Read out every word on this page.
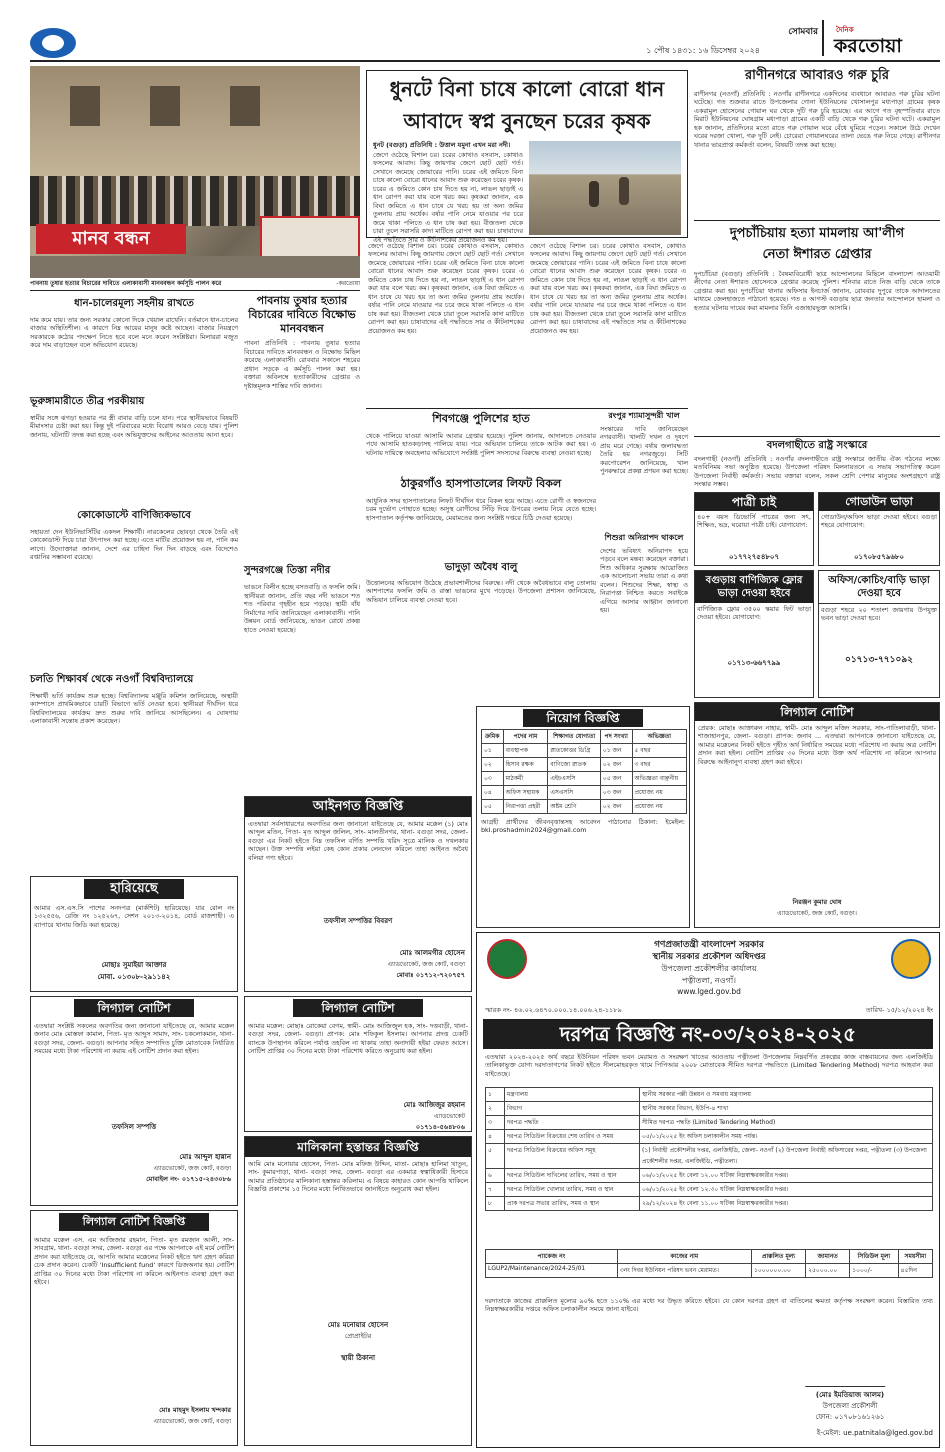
১ পৌষ ১৪৩১: ১৬ ডিসেম্বর ২০২৪
সোমবার	দৈনিক
করতোয়া
মানব বন্ধন
পাবনায় তুষার হত্যার বিচারের দাবিতে এলাকাবাসী মানববন্ধন কর্মসূচি পালন করে	-করতোয়া
ধান-চালেরমূল্য সহনীয় রাখতে
দাম কমে যায়। তার জন্য সরকার কোনো দিকে খেয়াল রাখেনি। বর্তমানে ধান-চালের বাজার অস্থিতিশীল। এ কারণে নিম্ন আয়ের মানুষ কষ্টে আছেন। বাজার নিয়ন্ত্রণে সরকারকে কঠোর পদক্ষেপ নিতে হবে বলে মনে করেন সংশ্লিষ্টরা। মিলাররা মজুত করে দাম বাড়াচ্ছেন বলে অভিযোগ রয়েছে।
ভূরুঙ্গামারীতে তীব্র পরকীয়ায়
স্বামীর সঙ্গে ঝগড়া হওয়ার পর স্ত্রী বাবার বাড়ি চলে যান। পরে স্থানীয়ভাবে বিষয়টি মীমাংসার চেষ্টা করা হয়। কিন্তু দুই পরিবারের মধ্যে বিরোধ আরও বেড়ে যায়। পুলিশ জানায়, ঘটনাটি তদন্ত করা হচ্ছে এবং অভিযুক্তদের আইনের আওতায় আনা হবে।
কোকোডাস্টে বাণিজ্যিকভাবে
সহায়তা দেন ইউনিভার্সিটির একদল শিক্ষার্থী। নারকেলের ছোবড়া থেকে তৈরি এই কোকোডাস্ট দিয়ে চারা উৎপাদন করা হচ্ছে। এতে মাটির প্রয়োজন হয় না, পানি কম লাগে। উদ্যোক্তারা জানান, দেশে এর চাহিদা দিন দিন বাড়ছে এবং বিদেশেও রপ্তানির সম্ভাবনা রয়েছে।
চলতি শিক্ষাবর্ষ থেকে নওগাঁ বিশ্ববিদ্যালয়ে
শিক্ষার্থী ভর্তি কার্যক্রম শুরু হচ্ছে। বিশ্ববিদ্যালয় মঞ্জুরি কমিশন জানিয়েছে, অস্থায়ী ক্যাম্পাসে প্রাথমিকভাবে চারটি বিভাগে ভর্তি নেওয়া হবে। স্থানীয়রা দীর্ঘদিন ধরে বিশ্ববিদ্যালয়ের কার্যক্রম দ্রুত শুরুর দাবি জানিয়ে আসছিলেন। এ ঘোষণায় এলাকাবাসী সন্তোষ প্রকাশ করেছেন।
পাবনায় তুষার হত্যার বিচারের দাবিতে বিক্ষোভ মানববন্ধন
পাবনা প্রতিনিধি : পাবনায় তুষার হত্যার বিচারের দাবিতে মানববন্ধন ও বিক্ষোভ মিছিল করেছে এলাকাবাসী। রোববার সকালে শহরের প্রধান সড়কে এ কর্মসূচি পালন করা হয়। বক্তারা অবিলম্বে হত্যাকারীদের গ্রেপ্তার ও দৃষ্টান্তমূলক শাস্তির দাবি জানান।
সুন্দরগঞ্জে তিস্তা নদীর
ভাঙনে বিলীন হচ্ছে বসতবাড়ি ও ফসলি জমি। স্থানীয়রা জানান, প্রতি বছর নদী ভাঙনে শত শত পরিবার গৃহহীন হয়ে পড়ছে। স্থায়ী বাঁধ নির্মাণের দাবি জানিয়েছেন এলাকাবাসী। পানি উন্নয়ন বোর্ড জানিয়েছে, ভাঙন রোধে প্রকল্প হাতে নেওয়া হয়েছে।
ধুনটে বিনা চাষে কালো বোরো ধান
আবাদে স্বপ্ন বুনছেন চরের কৃষক
ধুনট (বগুড়া) প্রতিনিধি : উত্তাল যমুনা এখন মরা নদী।
জেগে ওঠেছে বিশাল চর। চরের কোথাও বসবাস, কোথাও ফসলের আবাদ। কিছু জায়গায় জেগে ছোট ছোট গর্ত। সেখানে জমেছে জোয়ারের পানি। চরের এই জমিতে বিনা চাষে কালো বোরো ধানের আবাদ শুরু করেছেন চরের কৃষক। চরের এ জমিতে কোন চাষ দিতে হয় না, লাঙল ছাড়াই এ ধান রোপণ করা যায় বলে খরচ কম। কৃষকরা জানান, এক বিঘা জমিতে এ ধান চাষে যে খরচ হয় তা অন্য জমির তুলনায় প্রায় অর্ধেক। বর্ষার পানি নেমে যাওয়ার পর চরে জমে থাকা পলিতে এ ধান চাষ করা হয়। বীজতলা থেকে চারা তুলে সরাসরি কাদা মাটিতে রোপণ করা হয়। চাষাবাদের এই পদ্ধতিতে সার ও কীটনাশকের প্রয়োজনও কম হয়।
জেগে ওঠেছে বিশাল চর। চরের কোথাও বসবাস, কোথাও ফসলের আবাদ। কিছু জায়গায় জেগে ছোট ছোট গর্ত। সেখানে জমেছে জোয়ারের পানি। চরের এই জমিতে বিনা চাষে কালো বোরো ধানের আবাদ শুরু করেছেন চরের কৃষক। চরের এ জমিতে কোন চাষ দিতে হয় না, লাঙল ছাড়াই এ ধান রোপণ করা যায় বলে খরচ কম। কৃষকরা জানান, এক বিঘা জমিতে এ ধান চাষে যে খরচ হয় তা অন্য জমির তুলনায় প্রায় অর্ধেক। বর্ষার পানি নেমে যাওয়ার পর চরে জমে থাকা পলিতে এ ধান চাষ করা হয়। বীজতলা থেকে চারা তুলে সরাসরি কাদা মাটিতে রোপণ করা হয়। চাষাবাদের এই পদ্ধতিতে সার ও কীটনাশকের প্রয়োজনও কম হয়।
জেগে ওঠেছে বিশাল চর। চরের কোথাও বসবাস, কোথাও ফসলের আবাদ। কিছু জায়গায় জেগে ছোট ছোট গর্ত। সেখানে জমেছে জোয়ারের পানি। চরের এই জমিতে বিনা চাষে কালো বোরো ধানের আবাদ শুরু করেছেন চরের কৃষক। চরের এ জমিতে কোন চাষ দিতে হয় না, লাঙল ছাড়াই এ ধান রোপণ করা যায় বলে খরচ কম। কৃষকরা জানান, এক বিঘা জমিতে এ ধান চাষে যে খরচ হয় তা অন্য জমির তুলনায় প্রায় অর্ধেক। বর্ষার পানি নেমে যাওয়ার পর চরে জমে থাকা পলিতে এ ধান চাষ করা হয়। বীজতলা থেকে চারা তুলে সরাসরি কাদা মাটিতে রোপণ করা হয়। চাষাবাদের এই পদ্ধতিতে সার ও কীটনাশকের প্রয়োজনও কম হয়।
রাণীনগরে আবারও গরু চুরি
রাণীনগর (নওগাঁ) প্রতিনিধি : নওগাঁর রাণীনগরে একদিনের ব্যবধানে আবারও গরু চুরির ঘটনা ঘটেছে। গত শুক্রবার রাতে উপজেলার গোনা ইউনিয়নের খোসালপুর মধ্যপাড়া গ্রামের কৃষক একরামুল হোসেনের গোয়াল ঘর থেকে দুটি গরু চুরি হয়েছে। এর আগে গত বৃহস্পতিবার রাতে মিরাট ইউনিয়নের ঘোষগ্রাম মধ্যপাড়া গ্রামের একটি বাড়ি থেকে গরু চুরির ঘটনা ঘটে। একরামুল হক জানান, প্রতিদিনের মতো রাতে গরু গোয়াল ঘরে বেঁধে ঘুমিয়ে পড়েন। সকালে উঠে দেখেন ঘরের দরজা খোলা, গরু দুটি নেই। চোরেরা গোয়ালঘরের তালা ভেঙে গরু নিয়ে গেছে। রাণীনগর থানার ভারপ্রাপ্ত কর্মকর্তা বলেন, বিষয়টি তদন্ত করা হচ্ছে।
দুপচাঁচিয়ায় হত্যা মামলায় আ'লীগ
নেতা ঈশারত গ্রেপ্তার
দুপচাঁচিয়া (বগুড়া) প্রতিনিধি : বৈষম্যবিরোধী ছাত্র আন্দোলনের মিছিলে বাংলাদেশ আওয়ামী লীগের নেতা ঈশারত হোসেনকে গ্রেপ্তার করেছে পুলিশ। শনিবার রাতে নিজ বাড়ি থেকে তাকে গ্রেপ্তার করা হয়। দুপচাঁচিয়া থানার অফিসার ইনচার্জ জানান, রোববার দুপুরে তাকে আদালতের মাধ্যমে জেলহাজতে পাঠানো হয়েছে। গত ৪ আগস্ট বগুড়ায় ছাত্র জনতার আন্দোলনে হামলা ও হত্যার ঘটনায় দায়ের করা মামলার তিনি এজাহারভুক্ত আসামি।
বদলগাছীতে রাষ্ট্র সংস্কারে
বদলগাছী (নওগাঁ) প্রতিনিধি : নওগাঁর বদলগাছীতে রাষ্ট্র সংস্কারে জাতীয় ঐক্য গঠনের লক্ষ্যে মতবিনিময় সভা অনুষ্ঠিত হয়েছে। উপজেলা পরিষদ মিলনায়তনে এ সভায় সভাপতিত্ব করেন উপজেলা নির্বাহী কর্মকর্তা। সভায় বক্তারা বলেন, সকল শ্রেণি পেশার মানুষের অংশগ্রহণে রাষ্ট্র সংস্কার সম্ভব।
শিবগঞ্জে পুলিশের হাত
থেকে পালিয়ে যাওয়া আসামি আবার গ্রেপ্তার হয়েছে। পুলিশ জানায়, আদালতে নেওয়ার পথে আসামি হাতকড়াসহ পালিয়ে যায়। পরে অভিযান চালিয়ে তাকে আটক করা হয়। এ ঘটনায় দায়িত্বে অবহেলার অভিযোগে সংশ্লিষ্ট পুলিশ সদস্যদের বিরুদ্ধে ব্যবস্থা নেওয়া হচ্ছে।
ঠাকুরগাঁও হাসপাতালের লিফট বিকল
আধুনিক সদর হাসপাতালের লিফট দীর্ঘদিন ধরে বিকল হয়ে আছে। এতে রোগী ও স্বজনদের চরম দুর্ভোগ পোহাতে হচ্ছে। অসুস্থ রোগীদের সিঁড়ি দিয়ে উপরের তলায় নিয়ে যেতে হচ্ছে। হাসপাতাল কর্তৃপক্ষ জানিয়েছে, মেরামতের জন্য সংশ্লিষ্ট দপ্তরে চিঠি দেওয়া হয়েছে।
ভাদুড়া অবৈধ বালু
উত্তোলনের অভিযোগ উঠেছে প্রভাবশালীদের বিরুদ্ধে। নদী থেকে অবৈধভাবে বালু তোলায় আশপাশের ফসলি জমি ও রাস্তা ভাঙনের মুখে পড়েছে। উপজেলা প্রশাসন জানিয়েছে, অভিযান চালিয়ে ব্যবস্থা নেওয়া হবে।
রংপুর শ্যামাসুন্দরী খাল
সংস্কারের দাবি জানিয়েছেন নগরবাসী। খালটি দখল ও দূষণে প্রায় মরে গেছে। বর্ষায় জলাবদ্ধতা তৈরি হয় নগরজুড়ে। সিটি করপোরেশন জানিয়েছে, খাল পুনরুদ্ধারে প্রকল্প প্রণয়ন করা হচ্ছে।
শিশুরা অনিরাপদ থাকলে
দেশের ভবিষ্যৎ অনিরাপদ হয়ে পড়বে বলে মন্তব্য করেছেন বক্তারা। শিশু অধিকার সুরক্ষায় আয়োজিত এক আলোচনা সভায় তারা এ কথা বলেন। শিশুদের শিক্ষা, স্বাস্থ্য ও নিরাপত্তা নিশ্চিত করতে সবাইকে এগিয়ে আসার আহ্বান জানানো হয়।
পাত্রী চাই
৪০+ বয়স ডিভোর্সি পাত্রের জন্য সৎ, শিক্ষিত, ভদ্র, ঘরোয়া পাত্রী চাই। যোগাযোগ:
০১৭৭২৭৫৪৮০৭
গোডাউন ভাড়া
গোডাউন/অফিস ভাড়া দেওয়া হইবে। বগুড়া শহরে যোগাযোগ:
০১৭০৮৫৭৯৬৮০
বগুড়ায় বাণিজ্যিক ফ্লোর ভাড়া দেওয়া হইবে
বাণিজ্যিক ফ্লোর ৩৫০০ স্কয়ার ফিট ভাড়া দেওয়া হইবে। যোগাযোগ:
০১৭১৩-৬৬৭৭৯৯
অফিস/কোচিং/বাড়ি ভাড়া দেওয়া হবে
বগুড়া শহরে ২০ শতাংশ জায়গায় উপযুক্ত ভবন ভাড়া দেওয়া হবে।
০১৭১৩-৭৭১০৯২
লিগ্যাল নোটিশ
প্রেরক: মোছাঃ আক্তারুন নাহার, স্বামী- মোঃ আব্দুল মজিদ সরকার, সাং-পাতিলাবাড়ী, থানা- শাজাহানপুর, জেলা- বগুড়া। প্রাপক: জনাব ... এতদ্বারা আপনাকে জানানো যাইতেছে যে, আমার মক্কেলের নিকট হইতে গৃহীত অর্থ নির্ধারিত সময়ের মধ্যে পরিশোধ না করায় অত্র নোটিশ প্রদান করা হইল। নোটিশ প্রাপ্তির ৩০ দিনের মধ্যে উক্ত অর্থ পরিশোধ না করিলে আপনার বিরুদ্ধে আইনানুগ ব্যবস্থা গ্রহণ করা হইবে।
নিরঞ্জন কুমার ঘোষ
এ্যাডভোকেট, জজ কোর্ট, বগুড়া।
নিয়োগ বিজ্ঞপ্তি
ক্রমিক	পদের নাম	শিক্ষাগত যোগ্যতা	পদ সংখ্যা	অভিজ্ঞতা
০১	ব্যবস্থাপক	স্নাতকোত্তর ডিগ্রি	০১ জন	৫ বছর
০২	হিসাব রক্ষক	বাণিজ্যে স্নাতক	০২ জন	৩ বছর
০৩	মাঠকর্মী	এইচএসসি	০৫ জন	অভিজ্ঞতা বাঞ্ছনীয়
০৪	অফিস সহায়ক	এসএসসি	০৩ জন	প্রযোজ্য নয়
০৫	নিরাপত্তা প্রহরী	অষ্টম শ্রেণি	০২ জন	প্রযোজ্য নয়
আগ্রহী প্রার্থীদের জীবনবৃত্তান্তসহ আবেদন পাঠানোর ঠিকানা: ইমেইল: bkl.proshadmin2024@gmail.com
আইনগত বিজ্ঞপ্তি
এতদ্বারা সর্বসাধারণের অবগতির জন্য জানানো যাইতেছে যে, আমার মক্কেল (১) মোঃ আব্দুল মতিন, পিতা- মৃত আব্দুল জলিল, সাং- মালতীনগর, থানা- বগুড়া সদর, জেলা- বগুড়া এর নিকট হইতে নিম্ন তফসিল বর্ণিত সম্পত্তি খরিদ সূত্রে মালিক ও দখলকার আছেন। উক্ত সম্পত্তি লইয়া কেহ কোন প্রকার লেনদেন করিলে তাহা আইনত অবৈধ বলিয়া গণ্য হইবে।
তফসীল সম্পত্তির বিবরণ
মোঃ আলমগীর হোসেন
এ্যাডভোকেট, জজ কোর্ট, বগুড়া
মোবাঃ ০১৭১২-৭২০৭৫৭
হারিয়েছে
আমার এস.এস.সি পাশের সনদপত্র (মার্কশিট) হারিয়েছে। যার রোল নং ১৩২৫৫৬, রেজি নং ১২৫২৬৭, সেশন ২০১৩-২০১৪, বোর্ড রাজশাহী। এ ব্যাপারে থানায় জিডি করা হয়েছে।
মোছাঃ সুমাইয়া আক্তার
মোবা. ০১৩০৮-২৯১১৪২
গণপ্রজাতন্ত্রী বাংলাদেশ সরকার
স্থানীয় সরকার প্রকৌশল অধিদপ্তর
উপজেলা প্রকৌশলীর কার্যালয়
পত্নীতলা, নওগাঁ।
www.lged.gov.bd
স্মারক নং- ৪৬.০২.৬৪৭০.০০০.১৪.০০৬.২৪-১১৮৯	তারিখ- ১৫/১২/২০২৪ ইং
দরপত্র বিজ্ঞপ্তি নং-০৩/২০২৪-২০২৫
এতদ্বারা ২০২৪-২০২৫ অর্থ বছরে ইউনিয়ন পরিষদ ভবন মেরামত ও সংরক্ষণ খাতের আওতায় পত্নীতলা উপজেলায় নিম্নবর্ণিত প্রকল্পের কাজ বাস্তবায়নের জন্য এলজিইডি তালিকাভুক্ত যোগ্য দরদাতাগণের নিকট হইতে সীলমোহরকৃত খামে পিপিআর ২০০৮ মোতাবেক সীমিত দরপত্র পদ্ধতিতে (Limited Tendering Method) দরপত্র আহবান করা যাইতেছে।
১	মন্ত্রণালয়	স্থানীয় সরকার পল্লী উন্নয়ন ও সমবায় মন্ত্রণালয়
২	বিভাগ	স্থানীয় সরকার বিভাগ, ইউপি-৪ শাখা
৩	দরপত্র পদ্ধতি	সীমিত দরপত্র পদ্ধতি (Limited Tendering Method)
৪	দরপত্র সিডিউল বিক্রয়ের শেষ তারিখ ও সময়	০৫/০১/২০২৫ ইং অফিস চলাকালীন সময় পর্যন্ত।
৫	দরপত্র সিডিউল বিক্রয়ের অফিস সমূহ	(১) নির্বাহী প্রকৌশলীর দপ্তর, এলজিইডি, জেলা- নওগাঁ (২) উপজেলা নির্বাহী অফিসারের দপ্তর, পত্নীতলা (৩) উপজেলা প্রকৌশলীর দপ্তর, এলজিইডি, পত্নীতলা।
৬	দরপত্র সিডিউল দাখিলের তারিখ, সময় ও স্থান	০৬/০১/২০২৫ ইং বেলা ১২.০০ ঘটিকা নিম্নস্বাক্ষরকারীর দপ্তর।
৭	দরপত্র সিডিউল খোলার তারিখ, সময় ও স্থান	০৬/০১/২০২৫ ইং বেলা ১২.৩০ ঘটিকা নিম্নস্বাক্ষরকারীর দপ্তর।
৮	প্রাক দরপত্র সভার তারিখ, সময় ও স্থান	২৯/১২/২০২৪ ইং বেলা ১১.০০ ঘটিকা নিম্নস্বাক্ষরকারীর দপ্তর।
প্যাকেজ নং	কাজের নাম	প্রাক্কলিত মূল্য	জামানত	সিডিউল মূল্য	সময়সীমা
LGUP2/Maintenance/2024-25/01	৩নং দিবর ইউনিয়ন পরিষদ ভবন মেরামত।	১০০০০০০.০০	২৫০০০.০০	১০০০/-	৪৫দিন
দরদাতাকে কাজের প্রাক্কলিত মূল্যের ৯০% হতে ১১০% এর মধ্যে দর উদ্ধৃত করিতে হইবে। যে কোন দরপত্র গ্রহণ বা বাতিলের ক্ষমতা কর্তৃপক্ষ সংরক্ষণ করেন। বিস্তারিত তথ্য নিম্নস্বাক্ষরকারীর দপ্তরে অফিস চলাকালীন সময়ে জানা যাইবে।
(মোঃ ইমতিয়াজ আলম)
উপজেলা প্রকৌশলী
ফোন: ০১৭০৮১৬১২৬১
ই-মেইল: ue.patnitala@lged.gov.bd
লিগ্যাল নোটিশ
এতদ্বারা সংশ্লিষ্ট সকলের অবগতির জন্য জানানো যাইতেছে যে, আমার মক্কেল জনাব মোঃ মোস্তফা কামাল, পিতা- মৃত আব্দুস সামাদ, সাং- চকলোকমান, থানা- বগুড়া সদর, জেলা- বগুড়া। আপনার সহিত সম্পাদিত চুক্তি মোতাবেক নির্ধারিত সময়ের মধ্যে টাকা পরিশোধ না করায় এই নোটিশ প্রদান করা হইল।
তফসিল সম্পত্তি
মোঃ আব্দুল হান্নান
এ্যাডভোকেট, জজ কোর্ট, বগুড়া
মোবাইল নং- ০১৭১৫-২৪৩০৮৬
লিগ্যাল নোটিশ
আমার মক্কেল: মোছাঃ রোকেয়া বেগম, স্বামী- মোঃ আজিজুল হক, সাং- দত্তবাড়ী, থানা- বগুড়া সদর, জেলা- বগুড়া। প্রাপক: মোঃ শফিকুল ইসলাম। আপনার প্রদত্ত চেকটি ব্যাংকে উপস্থাপন করিলে পর্যাপ্ত তহবিল না থাকায় তাহা অনাদায়ী হইয়া ফেরত আসে। নোটিশ প্রাপ্তির ৩০ দিনের মধ্যে টাকা পরিশোধ করিতে অনুরোধ করা হইল।
মোঃ আজিজুর রহমান
এ্যাডভোকেট
০১৭১৪-৫৬৪৮০৬
মালিকানা হস্তান্তর বিজ্ঞপ্তি
আমি মোঃ মনোয়ার হোসেন, পিতা- মোঃ মফিজ উদ্দিন, মাতা- মোছাঃ হালিমা খাতুন, সাং- কুমারপাড়া, থানা- বগুড়া সদর, জেলা- বগুড়া এর একমাত্র স্বত্বাধিকারী হিসাবে আমার প্রতিষ্ঠানের মালিকানা হস্তান্তর করিলাম। এ বিষয়ে কাহারও কোন আপত্তি থাকিলে বিজ্ঞপ্তি প্রকাশের ১৫ দিনের মধ্যে লিখিতভাবে জানাইতে অনুরোধ করা হইল।
মোঃ মনোয়ার হোসেন
প্রোপ্রাইটর
স্থায়ী ঠিকানা
লিগ্যাল নোটিশ বিজ্ঞপ্তি
আমার মক্কেল এস. এম আজিজার রহমান, পিতা- মৃত রমজান আলী, সাং- সাবগ্রাম, থানা- বগুড়া সদর, জেলা- বগুড়া এর পক্ষে আপনাকে এই মর্মে নোটিশ প্রদান করা যাইতেছে যে, আপনি আমার মক্কেলের নিকট হইতে ঋণ গ্রহণ করিয়া চেক প্রদান করেন। চেকটি 'Insufficient fund' কারণে ডিজঅনার হয়। নোটিশ প্রাপ্তির ৩০ দিনের মধ্যে টাকা পরিশোধ না করিলে আইনগত ব্যবস্থা গ্রহণ করা হইবে।
মোঃ মাহমুদ ইসলাম খন্দকার
এ্যাডভোকেট, জজ কোর্ট, বগুড়া
